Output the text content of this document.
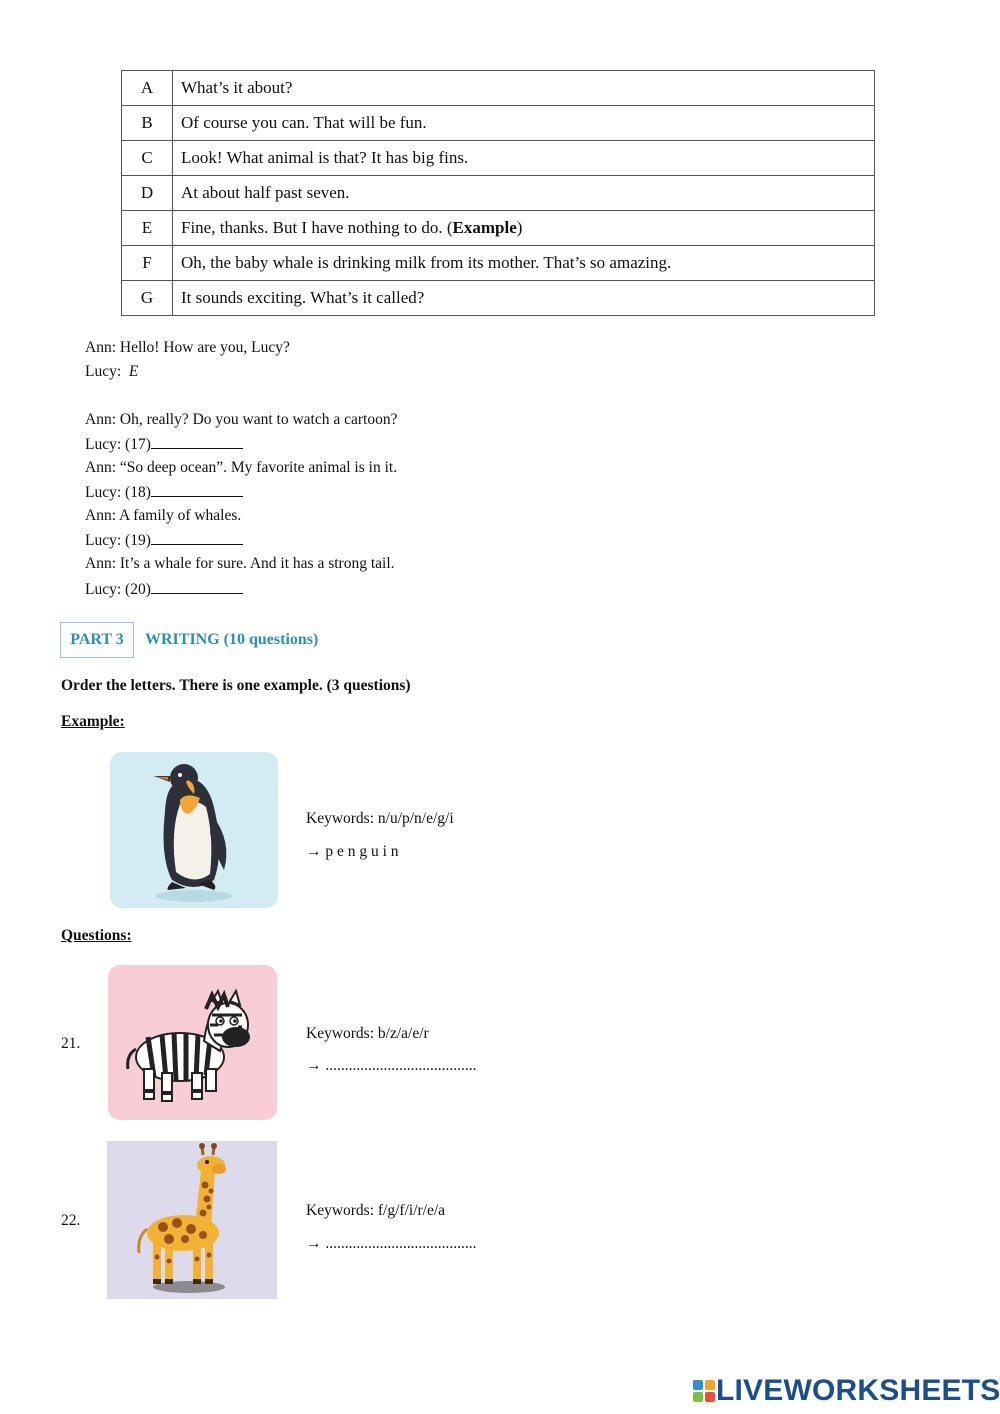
A	What’s it about?
B	Of course you can. That will be fun.
C	Look! What animal is that? It has big fins.
D	At about half past seven.
E	Fine, thanks. But I have nothing to do. (Example)
F	Oh, the baby whale is drinking milk from its mother. That’s so amazing.
G	It sounds exciting. What’s it called?
Ann: Hello! How are you, Lucy?
Lucy: E
Ann: Oh, really? Do you want to watch a cartoon?
Lucy: (17)
Ann: “So deep ocean”. My favorite animal is in it.
Lucy: (18)
Ann: A family of whales.
Lucy: (19)
Ann: It’s a whale for sure. And it has a strong tail.
Lucy: (20)
PART 3	WRITING (10 questions)
Order the letters. There is one example. (3 questions)
Example:
Keywords: n/u/p/n/e/g/i
→ p e n g u i n
Questions:
21.
Keywords: b/z/a/e/r
→ .......................................
22.
Keywords: f/g/f/i/r/e/a
→ .......................................
LIVEWORKSHEETS
